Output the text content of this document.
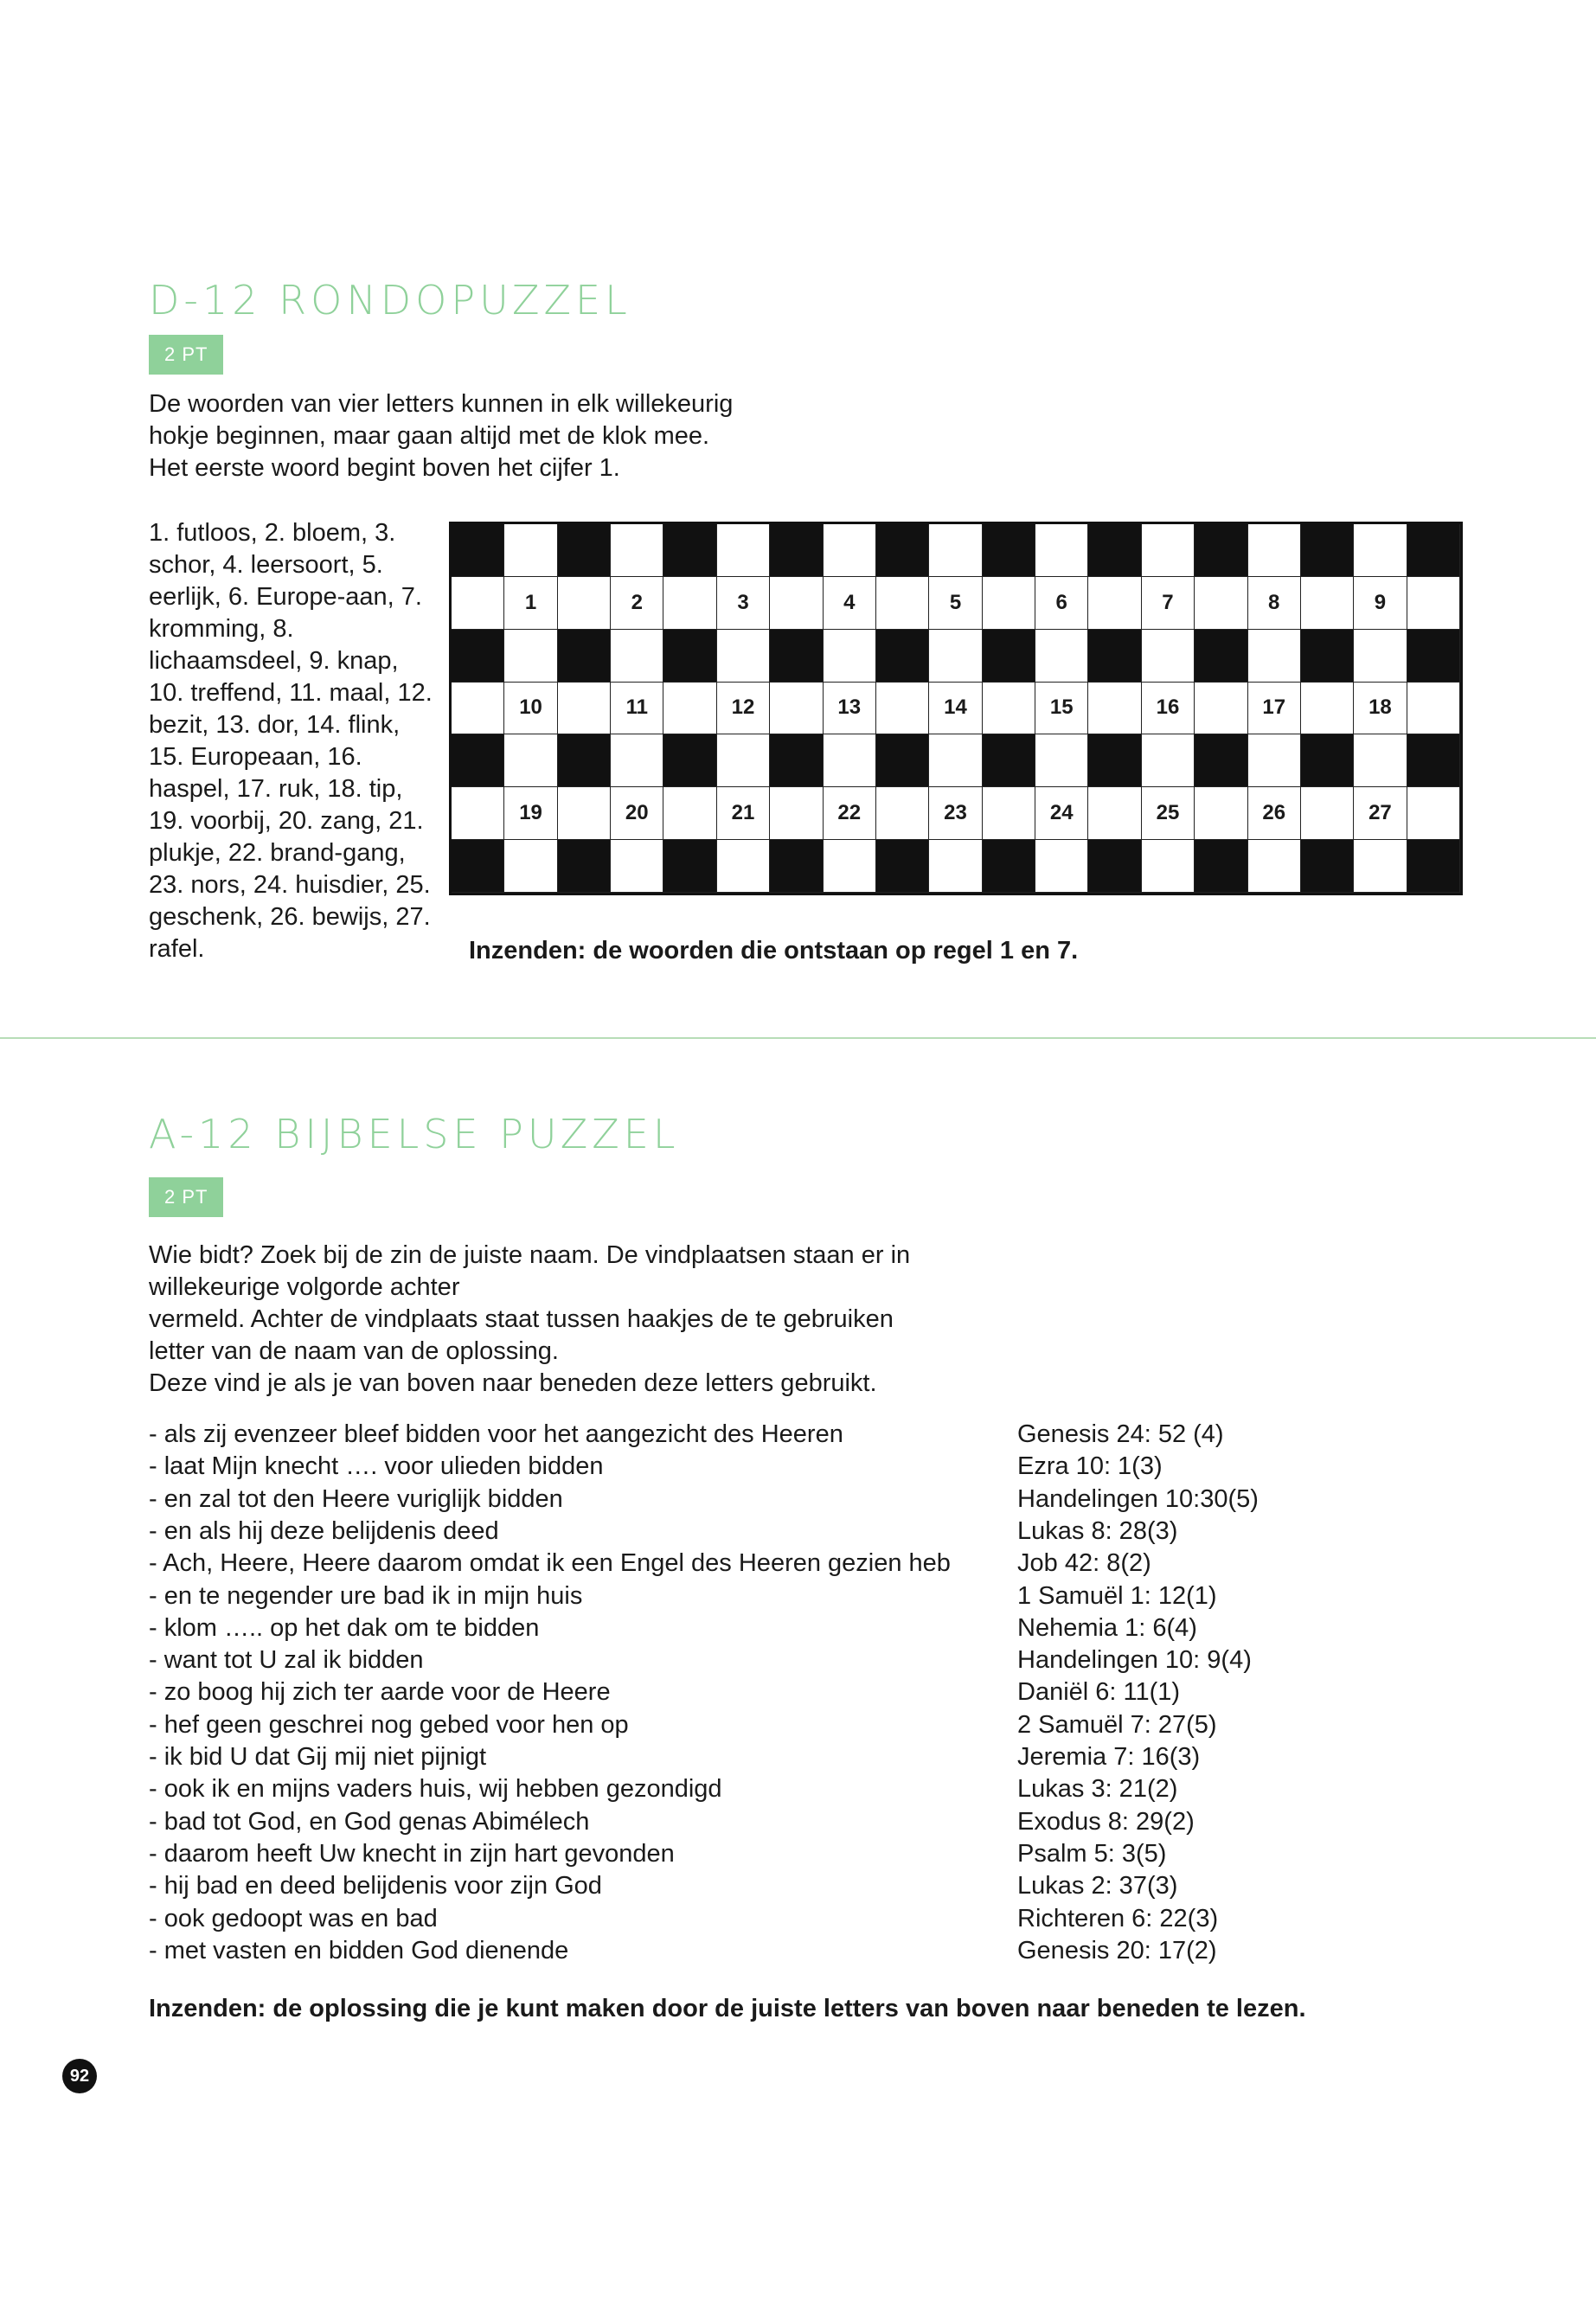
D-12 RONDOPUZZEL
2 PT

De woorden van vier letters kunnen in elk willekeurig
hokje beginnen, maar gaan altijd met de klok mee.
Het eerste woord begint boven het cijfer 1.

1. futloos, 2. bloem, 3. schor, 4. leersoort, 5. eerlijk, 6. Europe-aan, 7. kromming, 8. lichaamsdeel, 9. knap, 10. treffend, 11. maal, 12. bezit, 13. dor, 14. flink, 15. Europeaan, 16. haspel, 17. ruk, 18. tip, 19. voorbij, 20. zang, 21. plukje, 22. brand-gang, 23. nors, 24. huisdier, 25. geschenk, 26. bewijs, 27. rafel.

1	2	3	4	5	6	7	8	9
10	11	12	13	14	15	16	17	18
19	20	21	22	23	24	25	26	27

Inzenden: de woorden die ontstaan op regel 1 en 7.

A-12 BIJBELSE PUZZEL
2 PT

Wie bidt? Zoek bij de zin de juiste naam. De vindplaatsen staan er in
willekeurige volgorde achter
vermeld. Achter de vindplaats staat tussen haakjes de te gebruiken
letter van de naam van de oplossing.
Deze vind je als je van boven naar beneden deze letters gebruikt.

- als zij evenzeer bleef bidden voor het aangezicht des Heeren	Genesis 24: 52 (4)
- laat Mijn knecht …. voor ulieden bidden	Ezra 10: 1(3)
- en zal tot den Heere vuriglijk bidden	Handelingen 10:30(5)
- en als hij deze belijdenis deed	Lukas 8: 28(3)
- Ach, Heere, Heere daarom omdat ik een Engel des Heeren gezien heb	Job 42: 8(2)
- en te negender ure bad ik in mijn huis	1 Samuël 1: 12(1)
- klom ….. op het dak om te bidden	Nehemia 1: 6(4)
- want tot U zal ik bidden	Handelingen 10: 9(4)
- zo boog hij zich ter aarde voor de Heere	Daniël 6: 11(1)
- hef geen geschrei nog gebed voor hen op	2 Samuël 7: 27(5)
- ik bid U dat Gij mij niet pijnigt	Jeremia 7: 16(3)
- ook ik en mijns vaders huis, wij hebben gezondigd	Lukas 3: 21(2)
- bad tot God, en God genas Abimélech	Exodus 8: 29(2)
- daarom heeft Uw knecht in zijn hart gevonden	Psalm 5: 3(5)
- hij bad en deed belijdenis voor zijn God	Lukas 2: 37(3)
- ook gedoopt was en bad	Richteren 6: 22(3)
- met vasten en bidden God dienende	Genesis 20: 17(2)

Inzenden: de oplossing die je kunt maken door de juiste letters van boven naar beneden te lezen.

92
